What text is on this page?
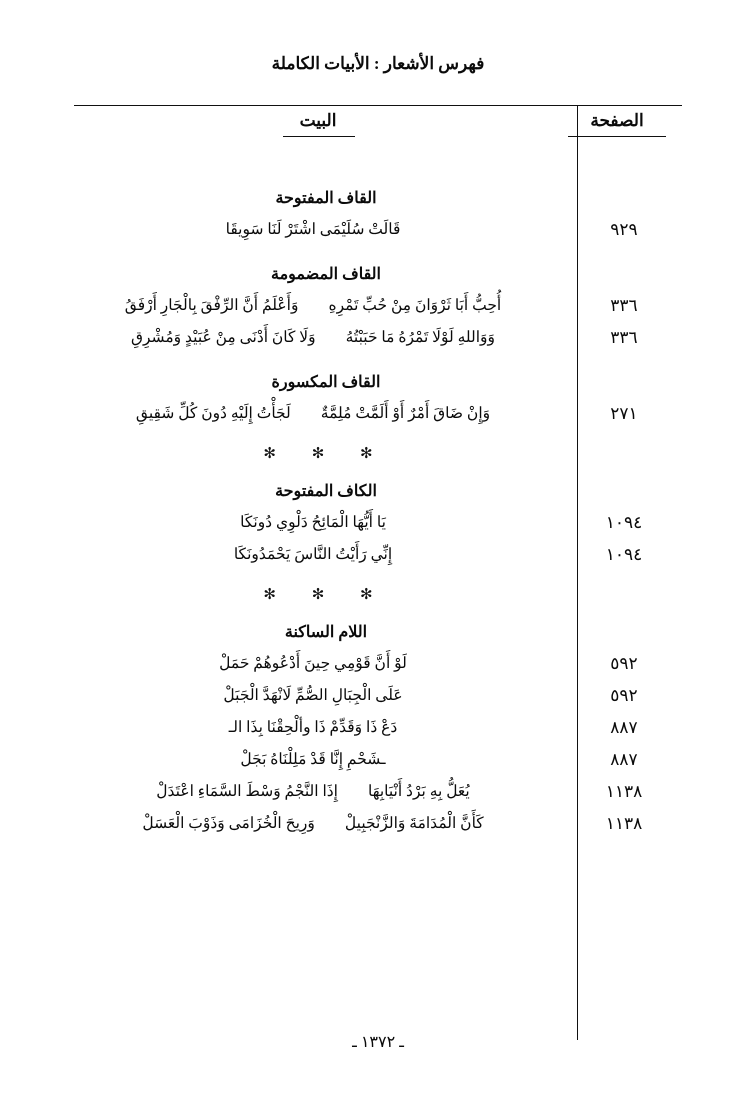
فهرس الأشعار : الأبيات الكاملة
الصفحة
البيت
القاف المفتوحة
٩٢٩
قَالَتْ سُلَيْمَى اشْتَرْ لَنَا سَوِيقَا
القاف المضمومة
٣٣٦
أُحِبُّ أَبَا ثَرْوَانَ مِنْ حُبِّ تَمْرِهِوَأَعْلَمُ أَنَّ الرِّفْقَ بِالْجَارِ أَرْفَقُ
٣٣٦
وَوَاللهِ لَوْلَا تَمْرُهُ مَا حَبَبْتُهُوَلَا كَانَ أَدْنَى مِنْ عُبَيْدٍ وَمُشْرِقِ
القاف المكسورة
٢٧١
وَإِنْ ضَاقَ أَمْرٌ أَوْ أَلَمَّتْ مُلِمَّةٌلَجَأْتُ إِلَيْهِ دُونَ كُلِّ شَقِيقِ
✻ ✻ ✻
الكاف المفتوحة
١٠٩٤
يَا أَيُّهَا الْمَائِحُ دَلْوِي دُونَكَا
١٠٩٤
إِنِّي رَأَيْتُ النَّاسَ يَحْمَدُونَكَا
✻ ✻ ✻
اللام الساكنة
٥٩٢
لَوْ أَنَّ قَوْمِي حِينَ أَدْعُوهُمْ حَمَلْ
٥٩٢
عَلَى الْجِبَالِ الصُّمِّ لَانْهَدَّ الْجَبَلْ
٨٨٧
دَعْ ذَا وَقَدِّمْ ذَا وألْحِقْنَا بِذَا الـ
٨٨٧
ـشَحْمِ إِنَّا قَدْ مَلِلْنَاهُ بَجَلْ
١١٣٨
يُعَلُّ بِهِ بَرْدُ أَنْيَابِهَاإِذَا النَّجْمُ وَسْطَ السَّمَاءِ اعْتَدَلْ
١١٣٨
كَأَنَّ الْمُدَامَةَ وَالزَّنْجَبِيلْوَرِيحَ الْخُزَامَى وَذَوْبَ الْعَسَلْ
ـ ١٣٧٢ ـ
